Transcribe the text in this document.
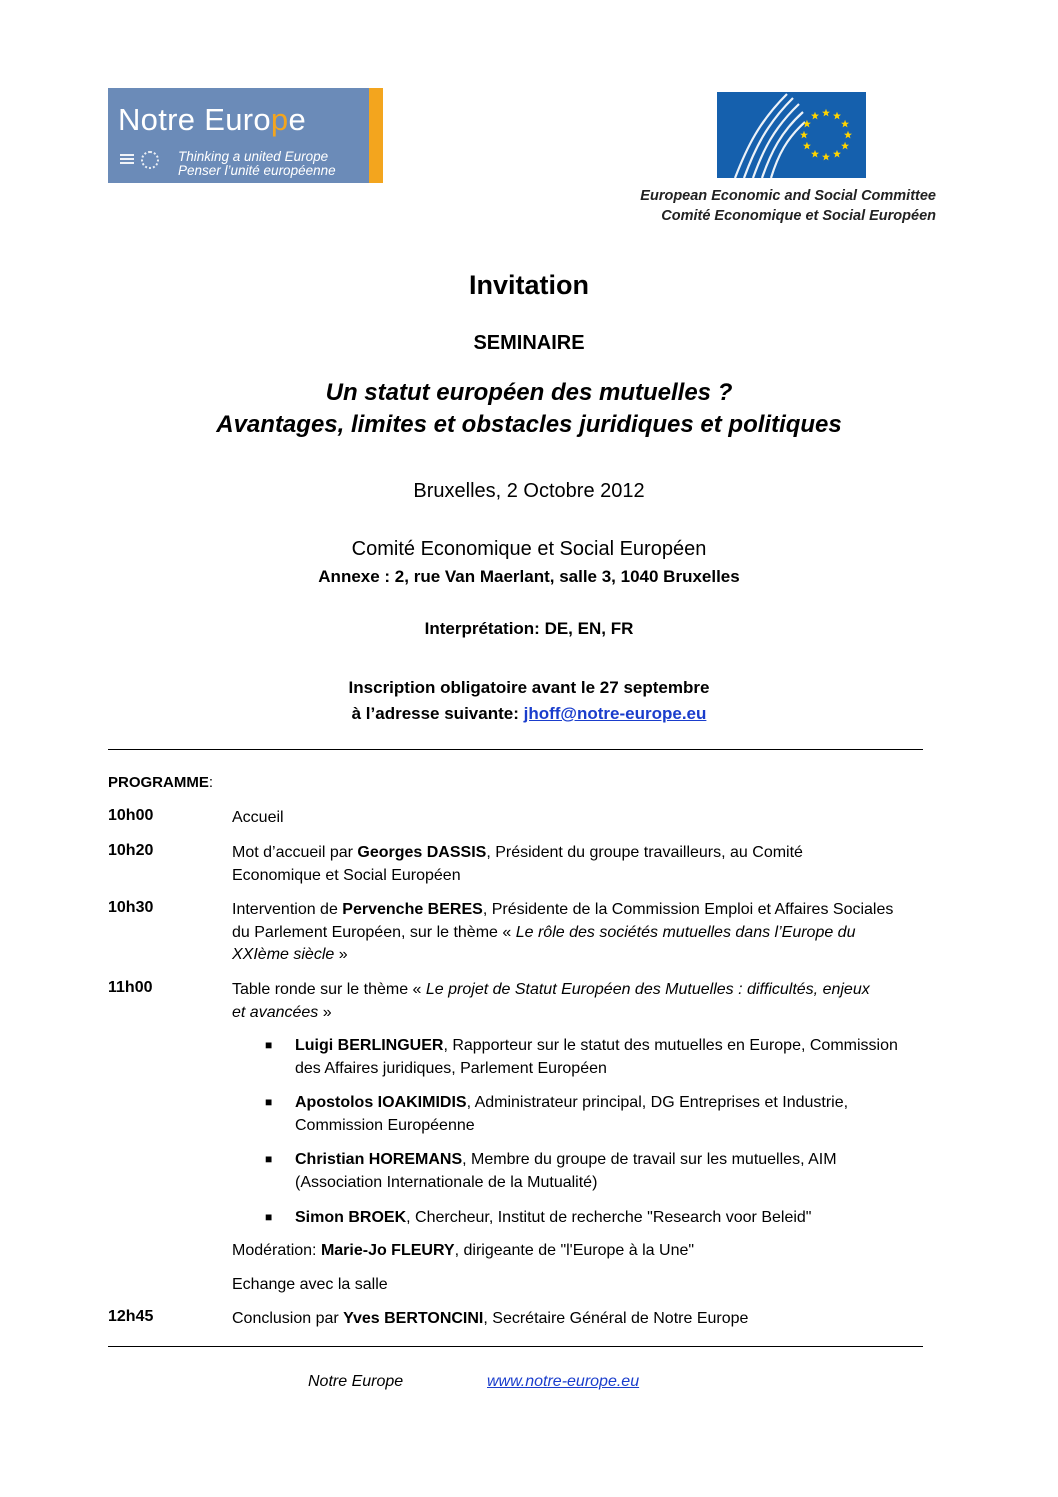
Notre Europe
Thinking a united Europe
Penser l’unité européenne
European Economic and Social Committee
Comité Economique et Social Européen
Invitation
SEMINAIRE
Un statut européen des mutuelles ?
Avantages, limites et obstacles juridiques et politiques
Bruxelles, 2 Octobre 2012
Comité Economique et Social Européen
Annexe : 2, rue Van Maerlant, salle 3, 1040 Bruxelles
Interprétation: DE, EN, FR
Inscription obligatoire avant le 27 septembre
à l’adresse suivante: jhoff@notre-europe.eu
PROGRAMME:
10h00	Accueil
10h20	Mot d’accueil par Georges DASSIS, Président du groupe travailleurs, au Comité
Economique et Social Européen
10h30	Intervention de Pervenche BERES, Présidente de la Commission Emploi et Affaires Sociales
du Parlement Européen, sur le thème « Le rôle des sociétés mutuelles dans l’Europe du
XXIème siècle »
11h00	Table ronde sur le thème « Le projet de Statut Européen des Mutuelles : difficultés, enjeux
et avancées »
■ Luigi BERLINGUER, Rapporteur sur le statut des mutuelles en Europe, Commission
des Affaires juridiques, Parlement Européen
■ Apostolos IOAKIMIDIS, Administrateur principal, DG Entreprises et Industrie,
Commission Européenne
■ Christian HOREMANS, Membre du groupe de travail sur les mutuelles, AIM
(Association Internationale de la Mutualité)
■ Simon BROEK, Chercheur, Institut de recherche "Research voor Beleid"
Modération: Marie-Jo FLEURY, dirigeante de "l'Europe à la Une"
Echange avec la salle
12h45	Conclusion par Yves BERTONCINI, Secrétaire Général de Notre Europe
Notre Europe	www.notre-europe.eu
